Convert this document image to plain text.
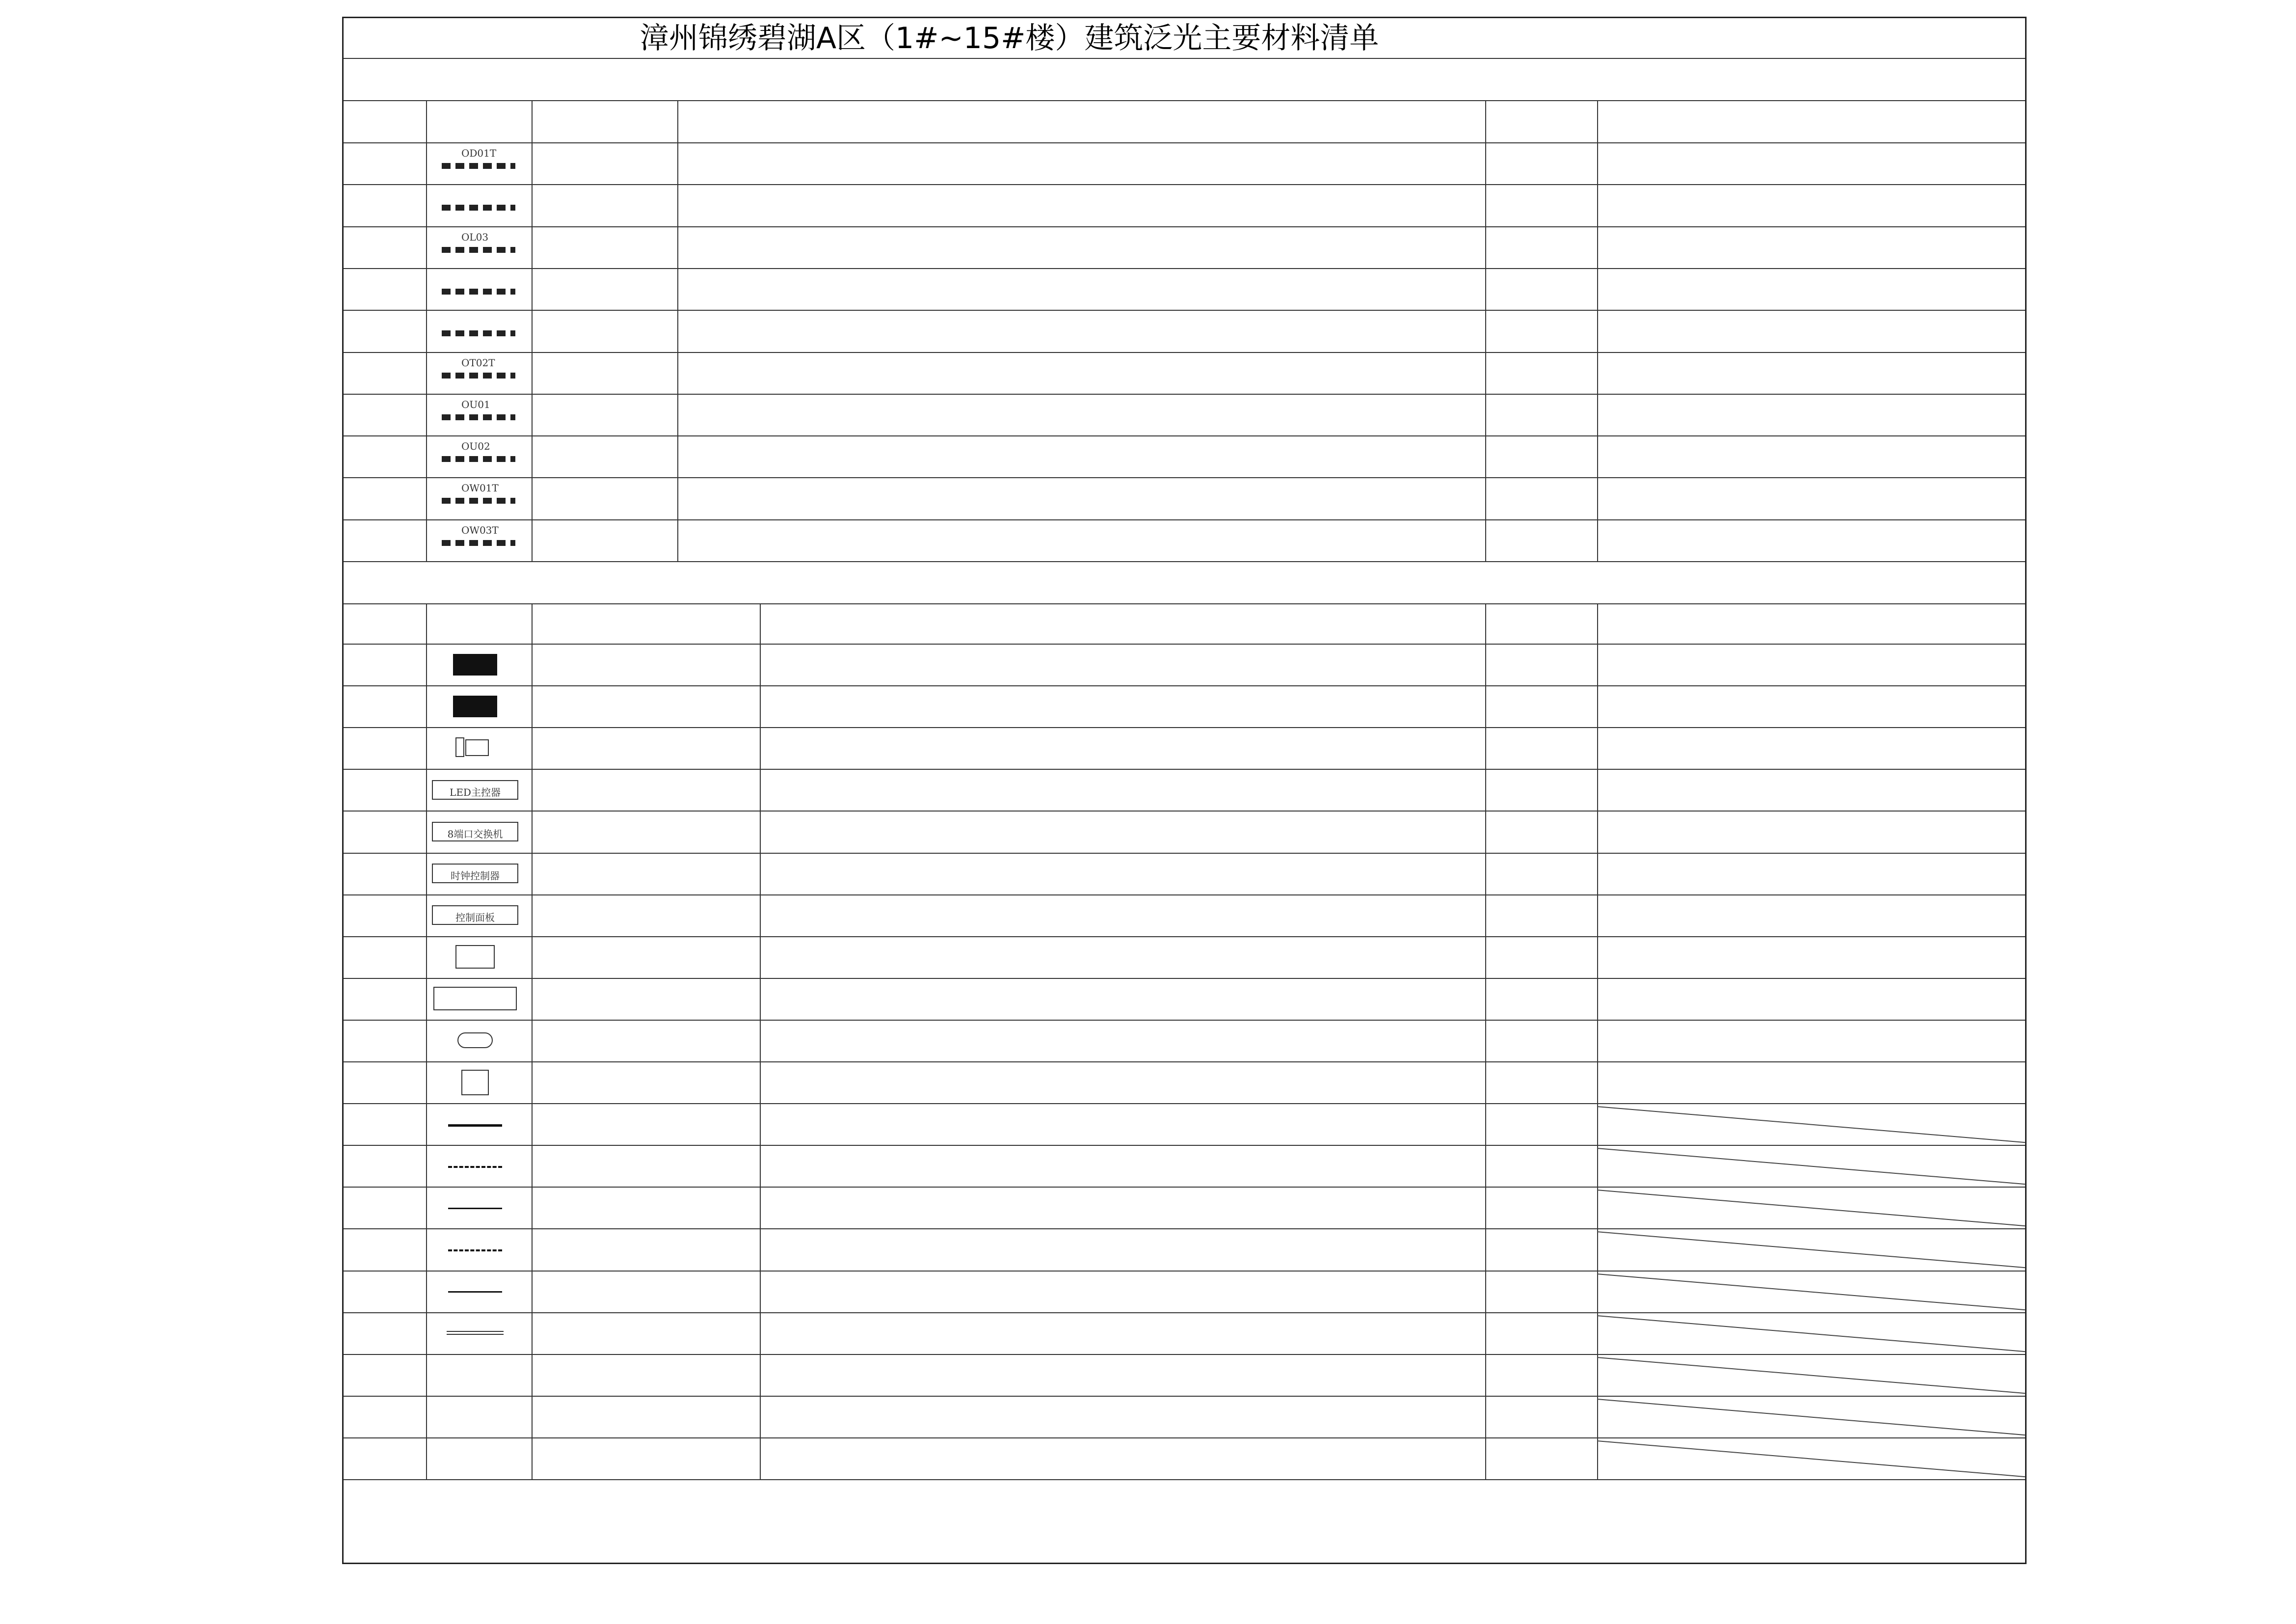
漳州锦绣碧湖A区（1#~15#楼）建筑泛光主要材料清单
OD01T
OL03
OT02T
OU01
OU02
OW01T
OW03T
LED主控器
8端口交换机
时钟控制器
控制面板
